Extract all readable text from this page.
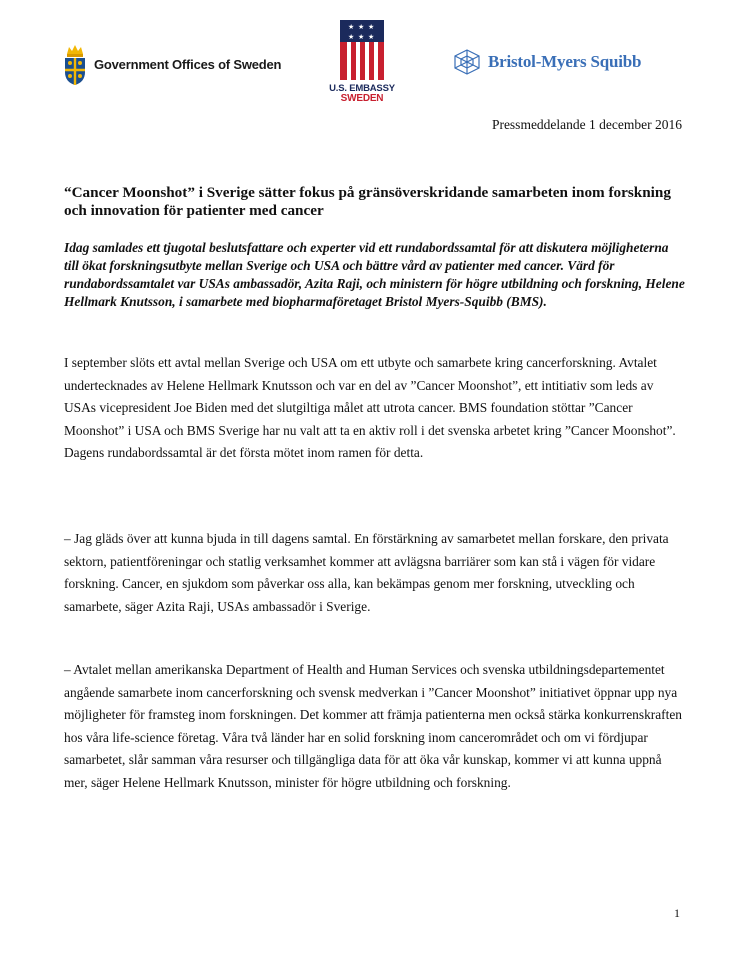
Government Offices of Sweden
★ ★ ★
★ ★ ★
U.S. EMBASSY
SWEDEN
Bristol-Myers Squibb
Pressmeddelande 1 december 2016
“Cancer Moonshot” i Sverige sätter fokus på gränsöverskridande samarbeten inom forskning och innovation för patienter med cancer

Idag samlades ett tjugotal beslutsfattare och experter vid ett rundabordssamtal för att diskutera möjligheterna till ökat forskningsutbyte mellan Sverige och USA och bättre vård av patienter med cancer. Värd för rundabordssamtalet var USAs ambassadör, Azita Raji, och ministern för högre utbildning och forskning, Helene Hellmark Knutsson, i samarbete med biopharmaföretaget Bristol Myers-Squibb (BMS).

I september slöts ett avtal mellan Sverige och USA om ett utbyte och samarbete kring cancerforskning. Avtalet undertecknades av Helene Hellmark Knutsson och var en del av ”Cancer Moonshot”, ett intitiativ som leds av USAs vicepresident Joe Biden med det slutgiltiga målet att utrota cancer. BMS foundation stöttar ”Cancer Moonshot” i USA och BMS Sverige har nu valt att ta en aktiv roll i det svenska arbetet kring ”Cancer Moonshot”. Dagens rundabordssamtal är det första mötet inom ramen för detta.

– Jag gläds över att kunna bjuda in till dagens samtal. En förstärkning av samarbetet mellan forskare, den privata sektorn, patientföreningar och statlig verksamhet kommer att avlägsna barriärer som kan stå i vägen för vidare forskning. Cancer, en sjukdom som påverkar oss alla, kan bekämpas genom mer forskning, utveckling och samarbete, säger Azita Raji, USAs ambassadör i Sverige.

– Avtalet mellan amerikanska Department of Health and Human Services och svenska utbildningsdepartementet angående samarbete inom cancerforskning och svensk medverkan i ”Cancer Moonshot” initiativet öppnar upp nya möjligheter för framsteg inom forskningen. Det kommer att främja patienterna men också stärka konkurrenskraften hos våra life-science företag. Våra två länder har en solid forskning inom cancerområdet och om vi fördjupar samarbetet, slår samman våra resurser och tillgängliga data för att öka vår kunskap, kommer vi att kunna uppnå mer, säger Helene Hellmark Knutsson, minister för högre utbildning och forskning.

1
